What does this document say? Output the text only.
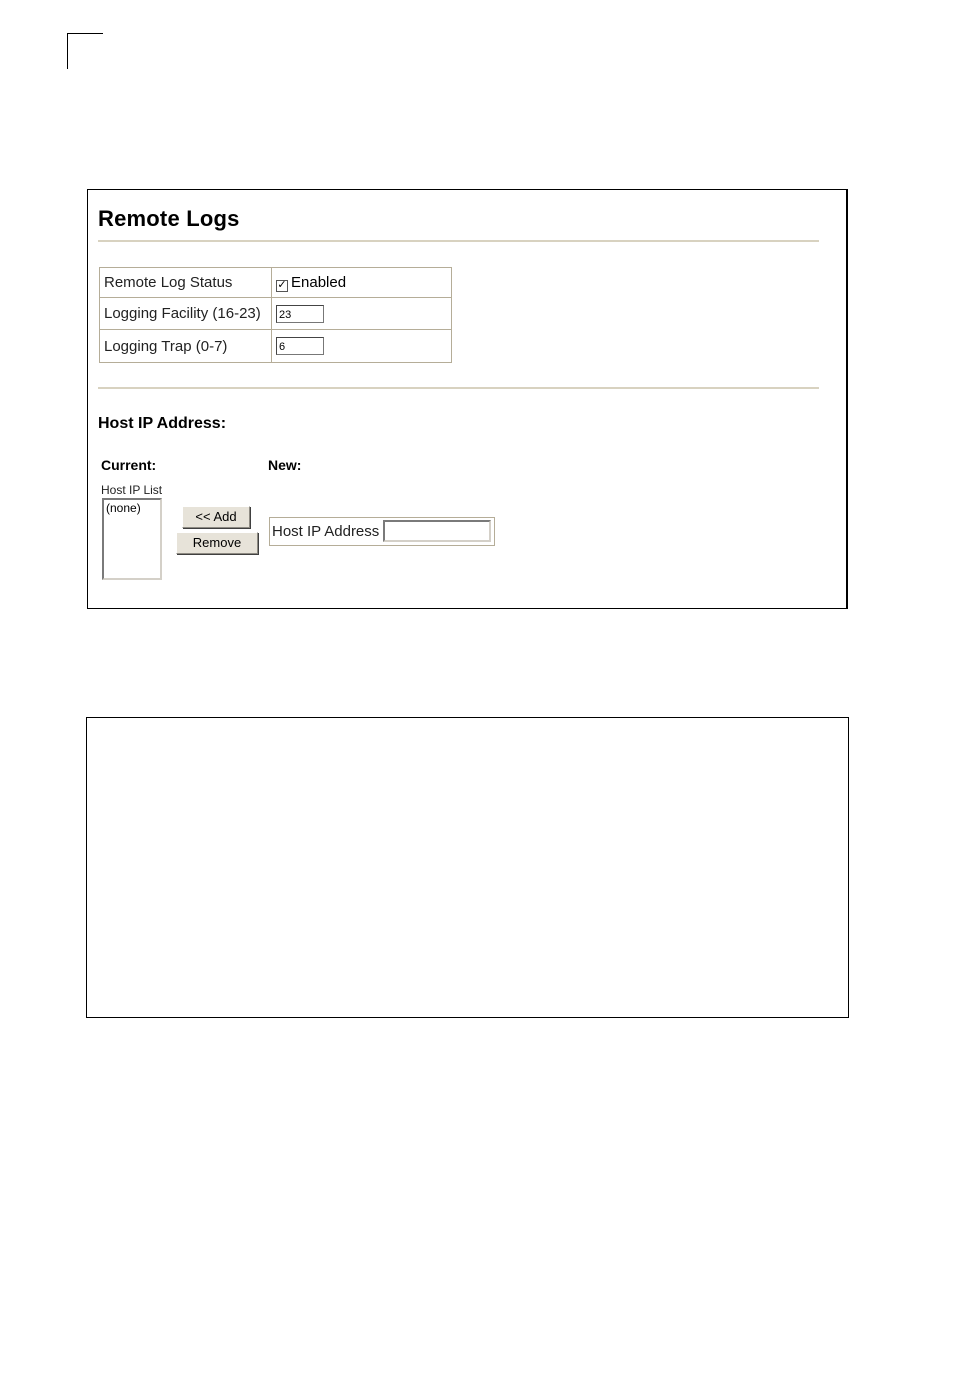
Remote Logs
Remote Log Status	✓ Enabled
Logging Facility (16-23)	23
Logging Trap (0-7)	6
Host IP Address:
Current:	New:
Host IP List
(none)
<< Add
Remove
Host IP Address
